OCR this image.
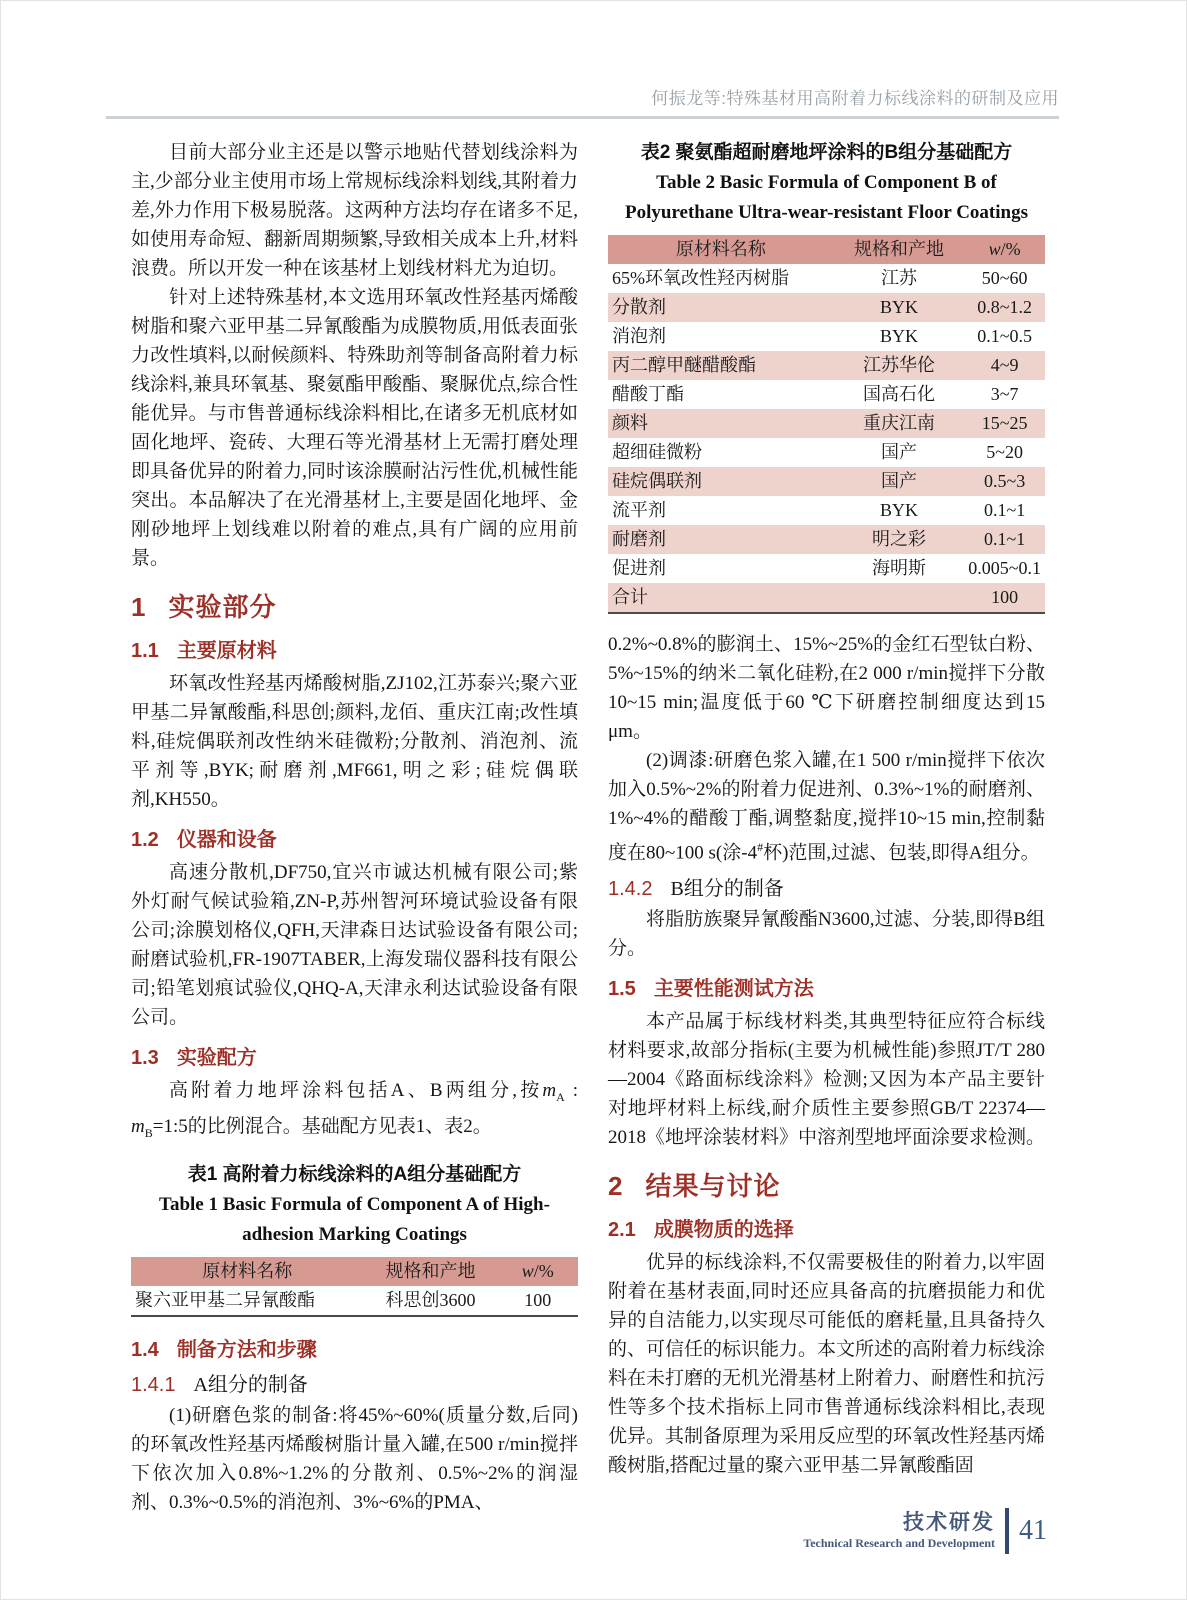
何振龙等:特殊基材用高附着力标线涂料的研制及应用

目前大部分业主还是以警示地贴代替划线涂料为主,少部分业主使用市场上常规标线涂料划线,其附着力差,外力作用下极易脱落。这两种方法均存在诸多不足,如使用寿命短、翻新周期频繁,导致相关成本上升,材料浪费。所以开发一种在该基材上划线材料尤为迫切。

针对上述特殊基材,本文选用环氧改性羟基丙烯酸树脂和聚六亚甲基二异氰酸酯为成膜物质,用低表面张力改性填料,以耐候颜料、特殊助剂等制备高附着力标线涂料,兼具环氧基、聚氨酯甲酸酯、聚脲优点,综合性能优异。与市售普通标线涂料相比,在诸多无机底材如固化地坪、瓷砖、大理石等光滑基材上无需打磨处理即具备优异的附着力,同时该涂膜耐沾污性优,机械性能突出。本品解决了在光滑基材上,主要是固化地坪、金刚砂地坪上划线难以附着的难点,具有广阔的应用前景。

1 实验部分
1.1 主要原材料

环氧改性羟基丙烯酸树脂,ZJ102,江苏泰兴;聚六亚甲基二异氰酸酯,科思创;颜料,龙佰、重庆江南;改性填料,硅烷偶联剂改性纳米硅微粉;分散剂、消泡剂、流平剂等,BYK;耐磨剂,MF661,明之彩;硅烷偶联剂,KH550。

1.2 仪器和设备

高速分散机,DF750,宜兴市诚达机械有限公司;紫外灯耐气候试验箱,ZN-P,苏州智河环境试验设备有限公司;涂膜划格仪,QFH,天津森日达试验设备有限公司;耐磨试验机,FR-1907TABER,上海发瑞仪器科技有限公司;铅笔划痕试验仪,QHQ-A,天津永利达试验设备有限公司。

1.3 实验配方

高附着力地坪涂料包括A、B两组分,按$m_A$ : $m_B=1:5$的比例混合。基础配方见表1、表2。

表1 高附着力标线涂料的A组分基础配方
Table 1 Basic Formula of Component A of High-adhesion Marking Coatings
原材料名称	规格和产地	w/%
聚六亚甲基二异氰酸酯	科思创3600	100
1.4 制备方法和步骤
1.4.1 A组分的制备

(1)研磨色浆的制备:将45%~60%(质量分数,后同)的环氧改性羟基丙烯酸树脂计量入罐,在500 r/min搅拌下依次加入0.8%~1.2%的分散剂、0.5%~2%的润湿剂、0.3%~0.5%的消泡剂、3%~6%的PMA、

表2 聚氨酯超耐磨地坪涂料的B组分基础配方
Table 2 Basic Formula of Component B of Polyurethane Ultra-wear-resistant Floor Coatings
原材料名称	规格和产地	w/%
65%环氧改性羟丙树脂	江苏	50~60
分散剂	BYK	0.8~1.2
消泡剂	BYK	0.1~0.5
丙二醇甲醚醋酸酯	江苏华伦	4~9
醋酸丁酯	国高石化	3~7
颜料	重庆江南	15~25
超细硅微粉	国产	5~20
硅烷偶联剂	国产	0.5~3
流平剂	BYK	0.1~1
耐磨剂	明之彩	0.1~1
促进剂	海明斯	0.005~0.1
合计		100

0.2%~0.8%的膨润土、15%~25%的金红石型钛白粉、5%~15%的纳米二氧化硅粉,在2 000 r/min搅拌下分散10~15 min;温度低于60 ℃下研磨控制细度达到15 μm。

(2)调漆:研磨色浆入罐,在1 500 r/min搅拌下依次加入0.5%~2%的附着力促进剂、0.3%~1%的耐磨剂、1%~4%的醋酸丁酯,调整黏度,搅拌10~15 min,控制黏度在80~100 s(涂-4#杯)范围,过滤、包装,即得A组分。

1.4.2 B组分的制备

将脂肪族聚异氰酸酯N3600,过滤、分装,即得B组分。

1.5 主要性能测试方法

本产品属于标线材料类,其典型特征应符合标线材料要求,故部分指标(主要为机械性能)参照JT/T 280—2004《路面标线涂料》检测;又因为本产品主要针对地坪材料上标线,耐介质性主要参照GB/T 22374—2018《地坪涂装材料》中溶剂型地坪面涂要求检测。

2 结果与讨论
2.1 成膜物质的选择

优异的标线涂料,不仅需要极佳的附着力,以牢固附着在基材表面,同时还应具备高的抗磨损能力和优异的自洁能力,以实现尽可能低的磨耗量,且具备持久的、可信任的标识能力。本文所述的高附着力标线涂料在未打磨的无机光滑基材上附着力、耐磨性和抗污性等多个技术指标上同市售普通标线涂料相比,表现优异。其制备原理为采用反应型的环氧改性羟基丙烯酸树脂,搭配过量的聚六亚甲基二异氰酸酯固

技术研发
Technical Research and Development 41
